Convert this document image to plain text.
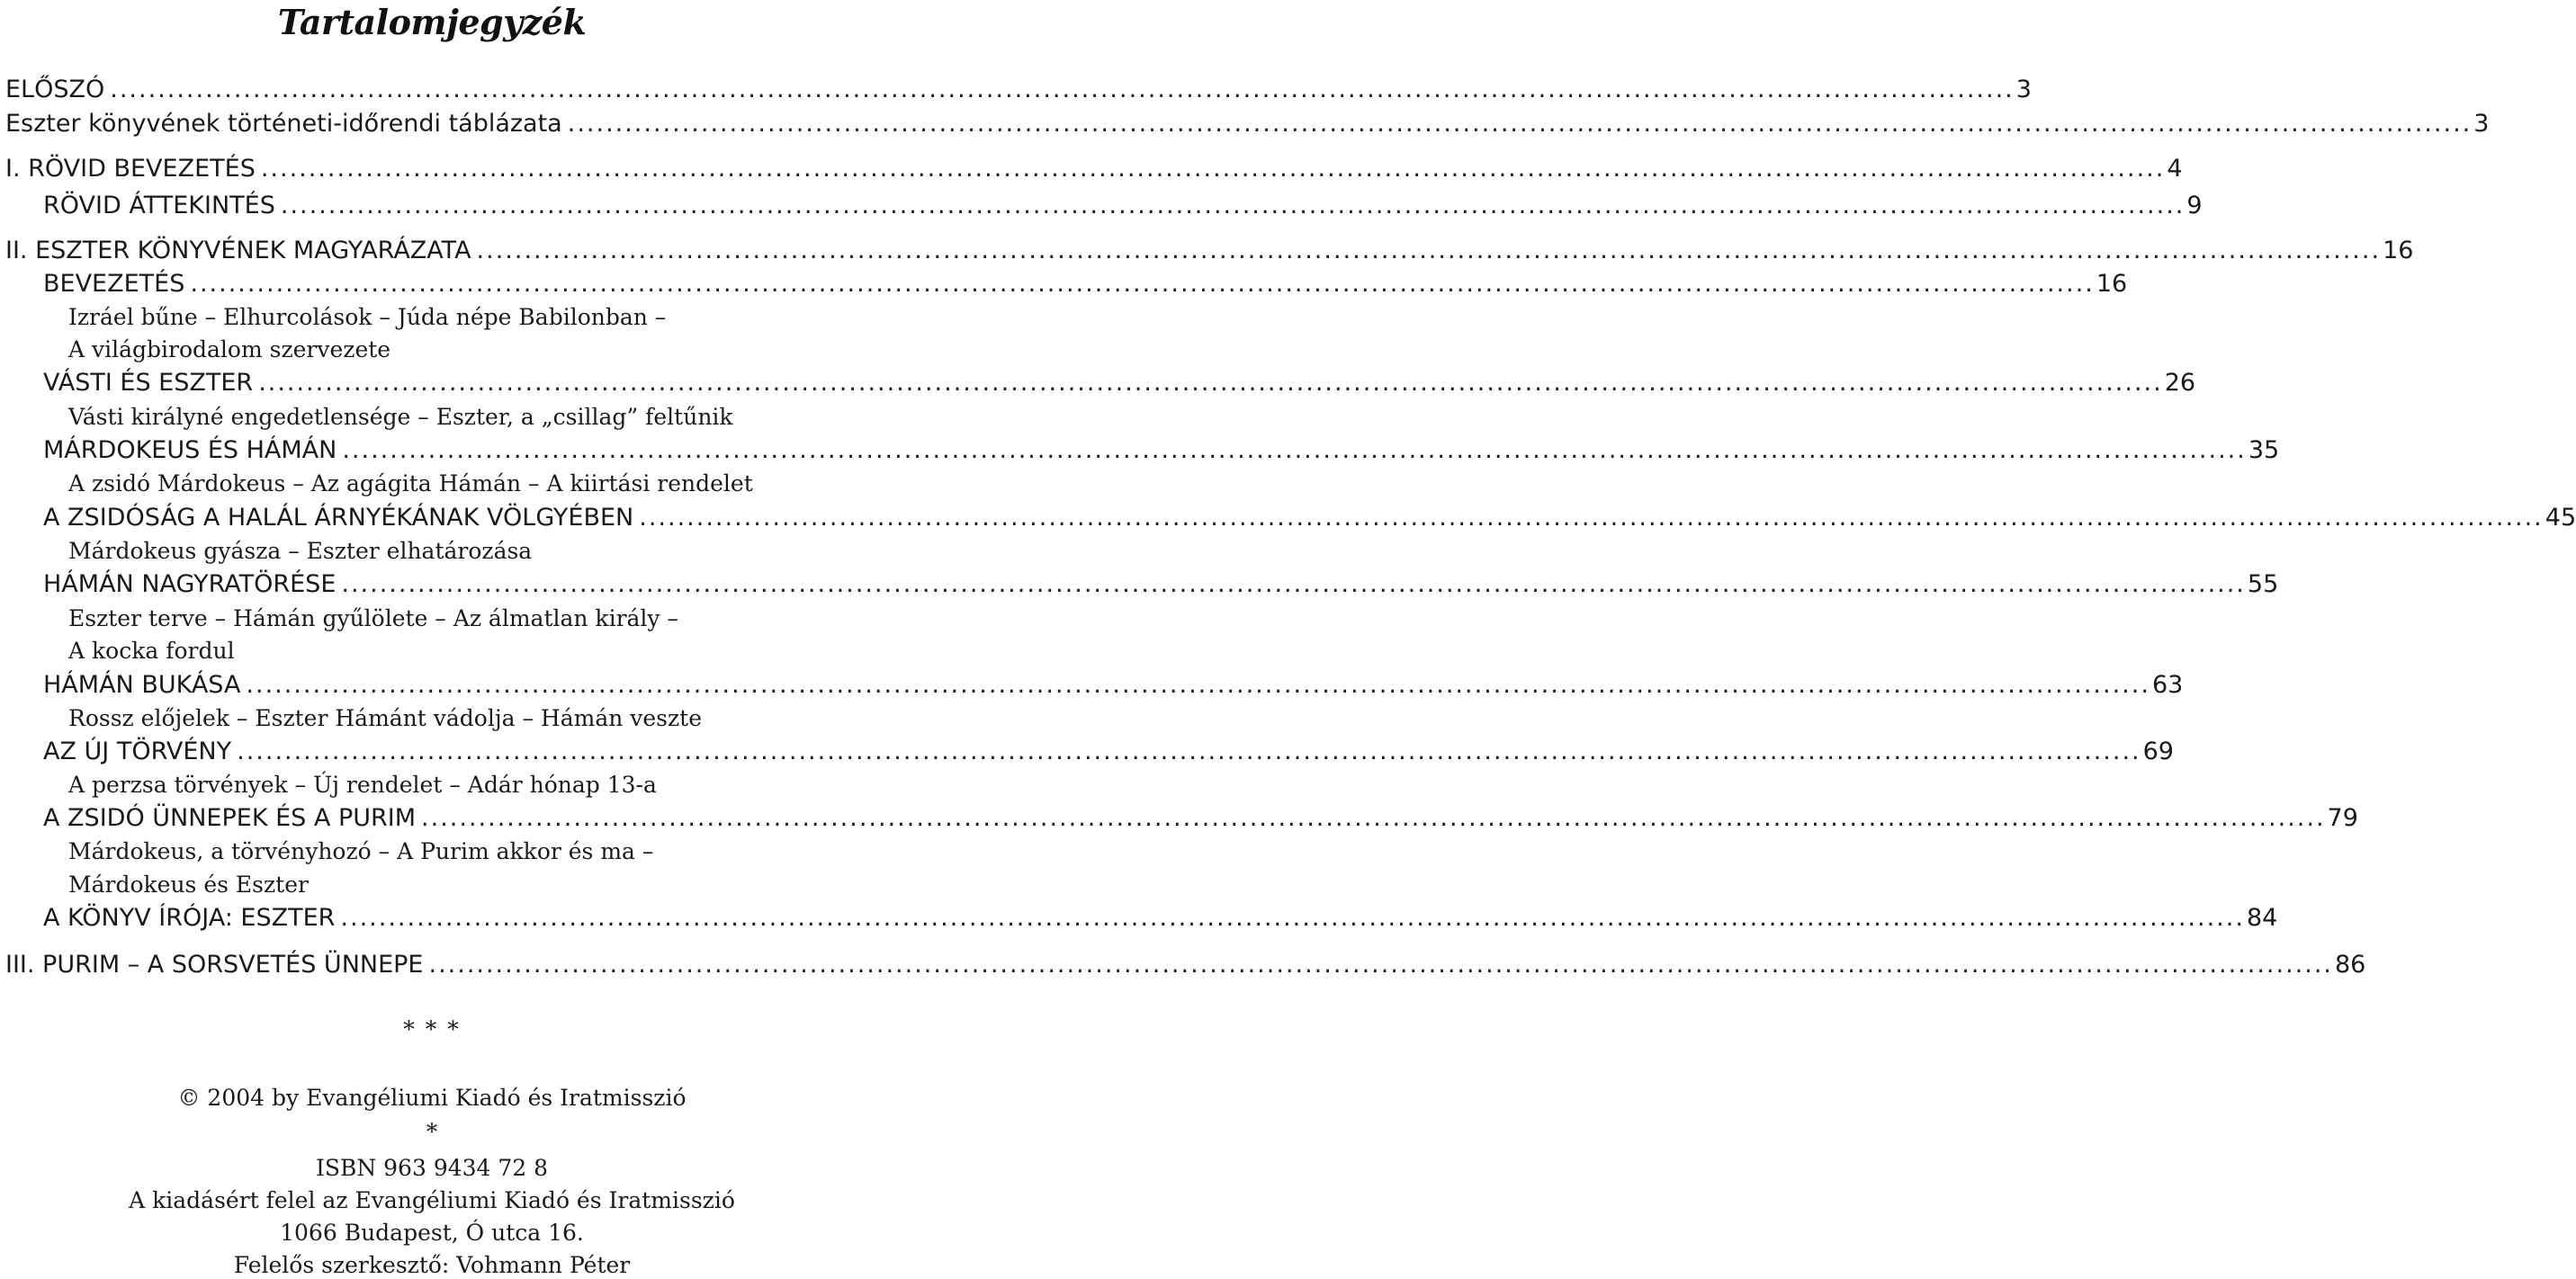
Tartalomjegyzék
ELŐSZÓ ........................................................................................................................................................................................................ 3
Eszter könyvének történeti-időrendi táblázata ........................................................................................................................................................................................................ 3
I. RÖVID BEVEZETÉS ........................................................................................................................................................................................................ 4
RÖVID ÁTTEKINTÉS ........................................................................................................................................................................................................ 9
II. ESZTER KÖNYVÉNEK MAGYARÁZATA ........................................................................................................................................................................................................ 16
BEVEZETÉS ........................................................................................................................................................................................................ 16
Izráel bűne – Elhurcolások – Júda népe Babilonban –
A világbirodalom szervezete
VÁSTI ÉS ESZTER ........................................................................................................................................................................................................ 26
Vásti királyné engedetlensége – Eszter, a „csillag” feltűnik
MÁRDOKEUS ÉS HÁMÁN ........................................................................................................................................................................................................ 35
A zsidó Márdokeus – Az agágita Hámán – A kiirtási rendelet
A ZSIDÓSÁG A HALÁL ÁRNYÉKÁNAK VÖLGYÉBEN ........................................................................................................................................................................................................ 45
Márdokeus gyásza – Eszter elhatározása
HÁMÁN NAGYRATÖRÉSE ........................................................................................................................................................................................................ 55
Eszter terve – Hámán gyűlölete – Az álmatlan király –
A kocka fordul
HÁMÁN BUKÁSA ........................................................................................................................................................................................................ 63
Rossz előjelek – Eszter Hámánt vádolja – Hámán veszte
AZ ÚJ TÖRVÉNY ........................................................................................................................................................................................................ 69
A perzsa törvények – Új rendelet – Adár hónap 13-a
A ZSIDÓ ÜNNEPEK ÉS A PURIM ........................................................................................................................................................................................................ 79
Márdokeus, a törvényhozó – A Purim akkor és ma –
Márdokeus és Eszter
A KÖNYV ÍRÓJA: ESZTER ........................................................................................................................................................................................................ 84
III. PURIM – A SORSVETÉS ÜNNEPE ........................................................................................................................................................................................................ 86
* * *
© 2004 by Evangéliumi Kiadó és Iratmisszió
*
ISBN 963 9434 72 8
A kiadásért felel az Evangéliumi Kiadó és Iratmisszió
1066 Budapest, Ó utca 16.
Felelős szerkesztő: Vohmann Péter
